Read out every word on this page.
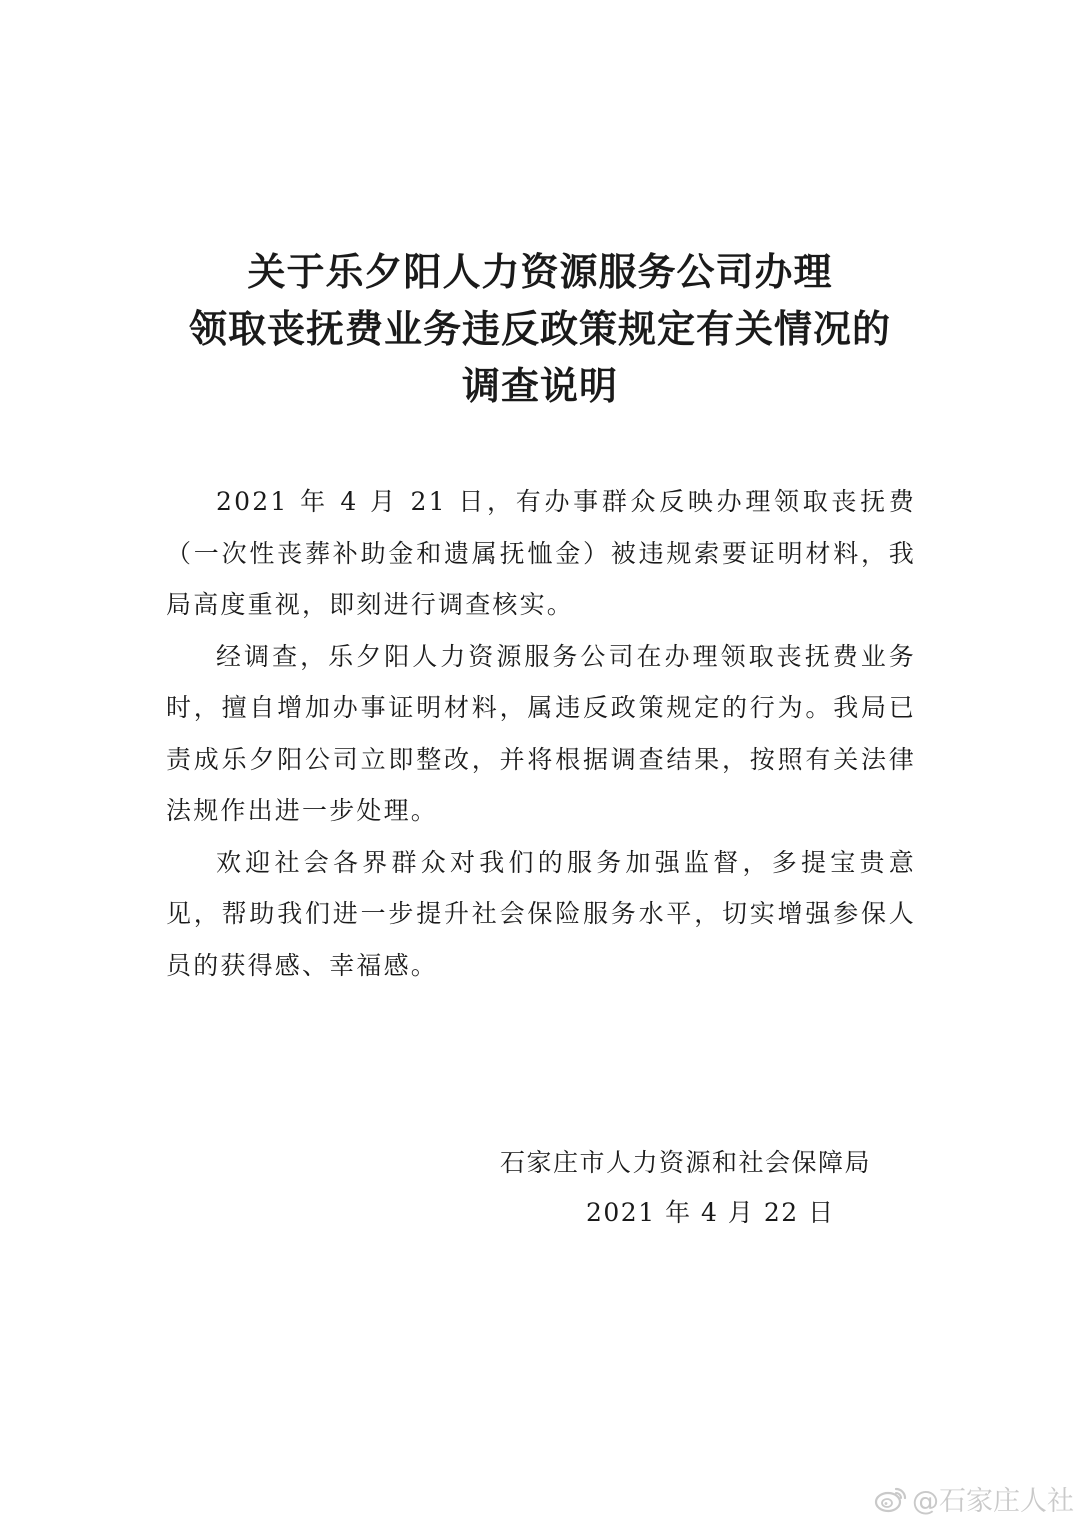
关于乐夕阳人力资源服务公司办理
领取丧抚费业务违反政策规定有关情况的
调查说明

2021 年 4 月 21 日，有办事群众反映办理领取丧抚费（一次性丧葬补助金和遗属抚恤金）被违规索要证明材料，我局高度重视，即刻进行调查核实。

经调查，乐夕阳人力资源服务公司在办理领取丧抚费业务时，擅自增加办事证明材料，属违反政策规定的行为。我局已责成乐夕阳公司立即整改，并将根据调查结果，按照有关法律法规作出进一步处理。

欢迎社会各界群众对我们的服务加强监督，多提宝贵意见，帮助我们进一步提升社会保险服务水平，切实增强参保人员的获得感、幸福感。

石家庄市人力资源和社会保障局
2021 年 4 月 22 日
@石家庄人社
